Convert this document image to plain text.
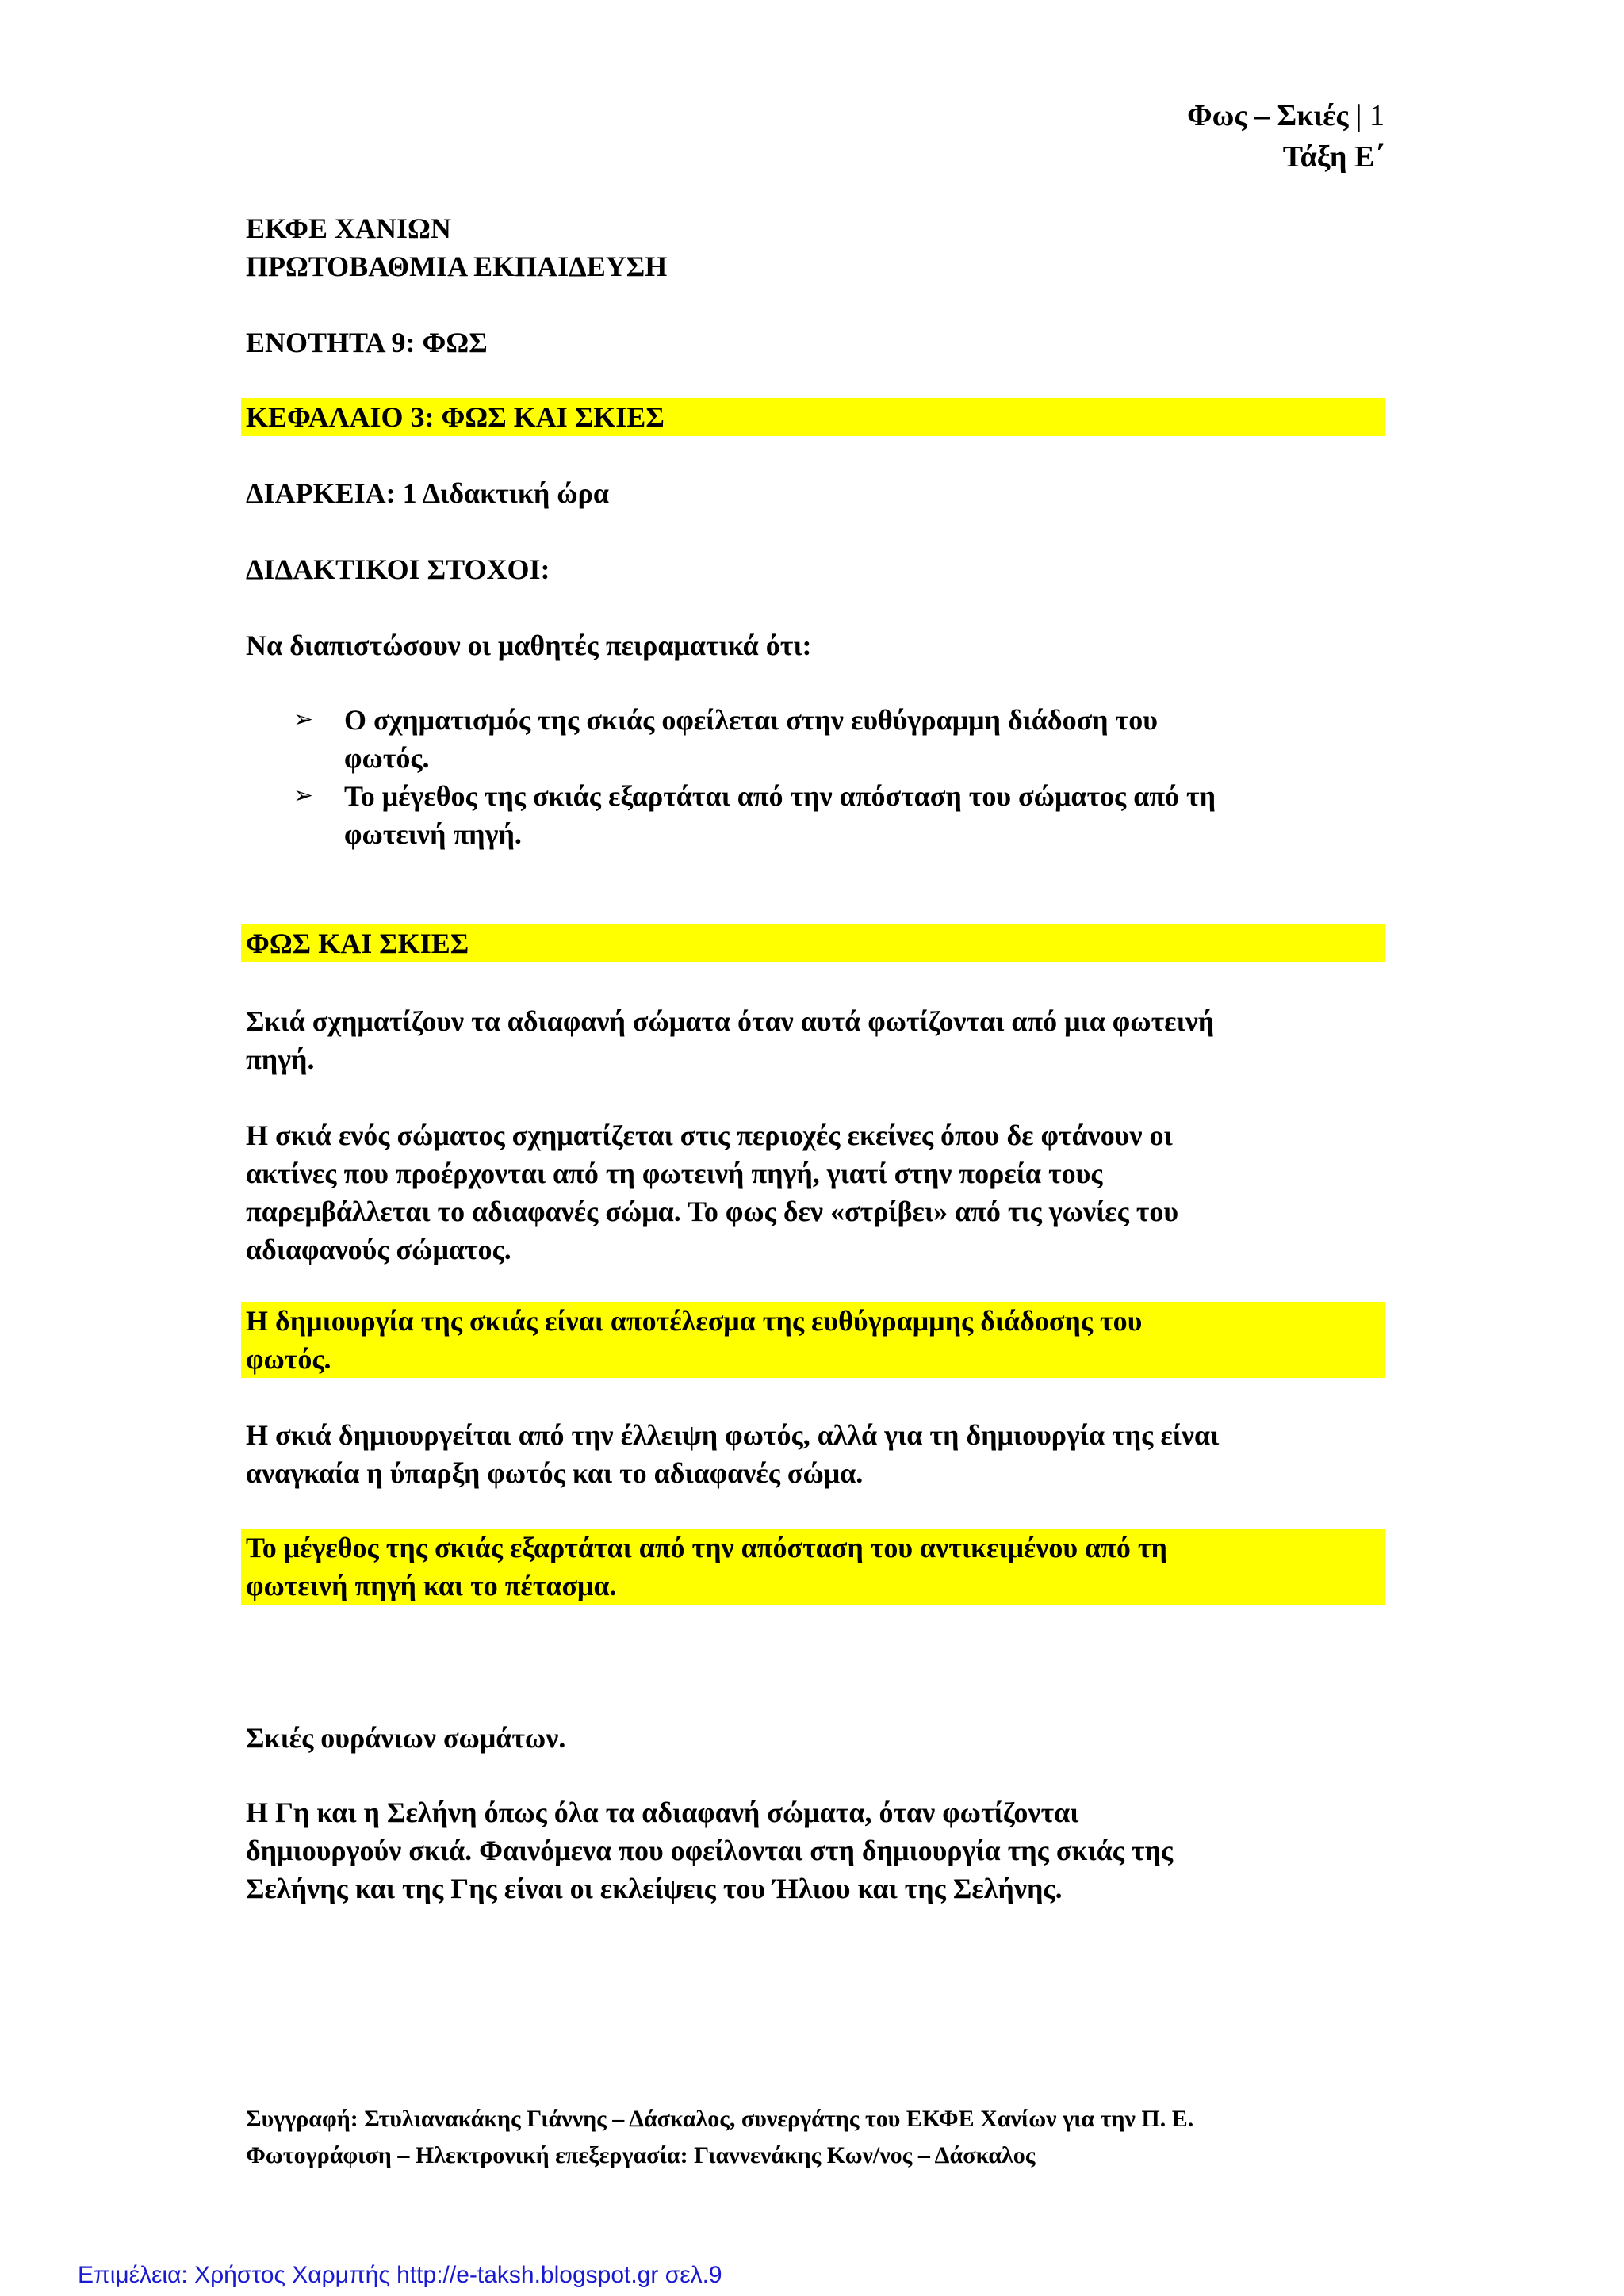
Φως – Σκιές | 1
Τάξη Ε΄
ΕΚΦΕ ΧΑΝΙΩΝ
ΠΡΩΤΟΒΑΘΜΙΑ ΕΚΠΑΙΔΕΥΣΗ
ΕΝΟΤΗΤΑ 9: ΦΩΣ
ΚΕΦΑΛΑΙΟ 3: ΦΩΣ ΚΑΙ ΣΚΙΕΣ
ΔΙΑΡΚΕΙΑ: 1 Διδακτική ώρα
ΔΙΔΑΚΤΙΚΟΙ ΣΤΟΧΟΙ:
Να διαπιστώσουν οι μαθητές πειραματικά ότι:
➢ Ο σχηματισμός της σκιάς οφείλεται στην ευθύγραμμη διάδοση του
φωτός.
➢ Το μέγεθος της σκιάς εξαρτάται από την απόσταση του σώματος από τη
φωτεινή πηγή.
ΦΩΣ ΚΑΙ ΣΚΙΕΣ
Σκιά σχηματίζουν τα αδιαφανή σώματα όταν αυτά φωτίζονται από μια φωτεινή
πηγή.
Η σκιά ενός σώματος σχηματίζεται στις περιοχές εκείνες όπου δε φτάνουν οι
ακτίνες που προέρχονται από τη φωτεινή πηγή, γιατί στην πορεία τους
παρεμβάλλεται το αδιαφανές σώμα. Το φως δεν «στρίβει» από τις γωνίες του
αδιαφανούς σώματος.
Η δημιουργία της σκιάς είναι αποτέλεσμα της ευθύγραμμης διάδοσης του
φωτός.
Η σκιά δημιουργείται από την έλλειψη φωτός, αλλά για τη δημιουργία της είναι
αναγκαία η ύπαρξη φωτός και το αδιαφανές σώμα.
Το μέγεθος της σκιάς εξαρτάται από την απόσταση του αντικειμένου από τη
φωτεινή πηγή και το πέτασμα.
Σκιές ουράνιων σωμάτων.
Η Γη και η Σελήνη όπως όλα τα αδιαφανή σώματα, όταν φωτίζονται
δημιουργούν σκιά. Φαινόμενα που οφείλονται στη δημιουργία της σκιάς της
Σελήνης και της Γης είναι οι εκλείψεις του Ήλιου και της Σελήνης.
Συγγραφή: Στυλιανακάκης Γιάννης – Δάσκαλος, συνεργάτης του ΕΚΦΕ Χανίων για την Π. Ε.
Φωτογράφιση – Ηλεκτρονική επεξεργασία: Γιαννενάκης Κων/νος – Δάσκαλος
Επιμέλεια: Χρήστος Χαρμπής http://e-taksh.blogspot.gr σελ.9
